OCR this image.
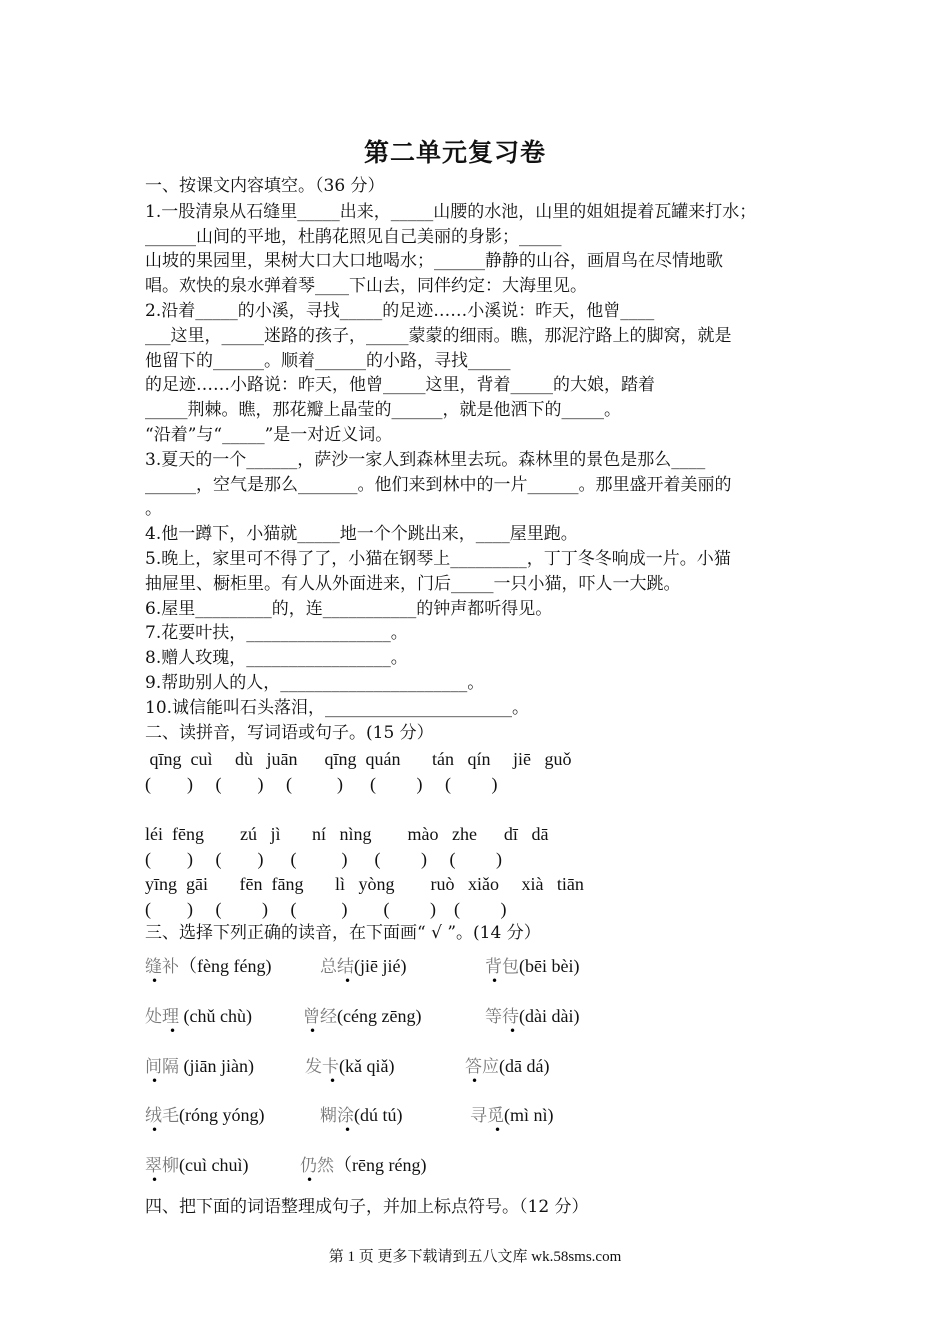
第二单元复习卷
一、按课文内容填空。（36 分）
1.一股清泉从石缝里_____出来，_____山腰的水池，山里的姐姐提着瓦罐来打水；
______山间的平地，杜鹃花照见自己美丽的身影；_____
山坡的果园里，果树大口大口地喝水；______静静的山谷，画眉鸟在尽情地歌
唱。欢快的泉水弹着琴____下山去，同伴约定：大海里见。
2.沿着_____的小溪，寻找_____的足迹……小溪说：昨天，他曾____
___这里，_____迷路的孩子，_____蒙蒙的细雨。瞧，那泥泞路上的脚窝，就是
他留下的______。顺着______的小路，寻找_____
的足迹……小路说：昨天，他曾_____这里，背着_____的大娘，踏着
_____荆棘。瞧，那花瓣上晶莹的______，就是他洒下的_____。
“沿着”与“_____”是一对近义词。
3.夏天的一个______，萨沙一家人到森林里去玩。森林里的景色是那么____
______，空气是那么_______。他们来到林中的一片______。那里盛开着美丽的
。
4.他一蹲下，小猫就_____地一个个跳出来，____屋里跑。
5.晚上，家里可不得了了，小猫在钢琴上_________，丁丁冬冬响成一片。小猫
抽屉里、橱柜里。有人从外面进来，门后_____一只小猫，吓人一大跳。
6.屋里_________的，连___________的钟声都听得见。
7.花要叶扶，_________________。
8.赠人玫瑰，_________________。
9.帮助别人的人，______________________。
10.诚信能叫石头落泪，______________________。
二、读拼音，写词语或句子。(15 分）
qīng  cuì     dù   juān      qīng  quán       tán   qín     jiē   guǒ
(        )     (        )     (          )      (         )     (         )
léi  fēng        zú   jì       ní   nìng        mào   zhe      dī   dā
(        )     (        )      (          )      (         )     (         )
yīng  gāi       fēn  fāng       lì   yòng        ruò   xiǎo     xià   tiān
(        )     (         )     (          )        (         )    (         )
三、选择下列正确的读音，在下面画“ √ ”。(14 分）
缝补（fèng féng)
•
总结(jiē jié)
•
背包(bēi bèi)
•
处理 (chǔ chù)
•
曾经(céng zēng)
•
等待(dài dài)
•
间隔 (jiān jiàn)
•
发卡(kǎ qiǎ)
•
答应(dā dá)
•
绒毛(róng yóng)
•
糊涂(dú tú)
•
寻觅(mì nì)
•
翠柳(cuì chuì)
•
仍然（rēng réng)
•
四、把下面的词语整理成句子，并加上标点符号。（12 分）
第 1 页 更多下载请到五八文库 wk.58sms.com
